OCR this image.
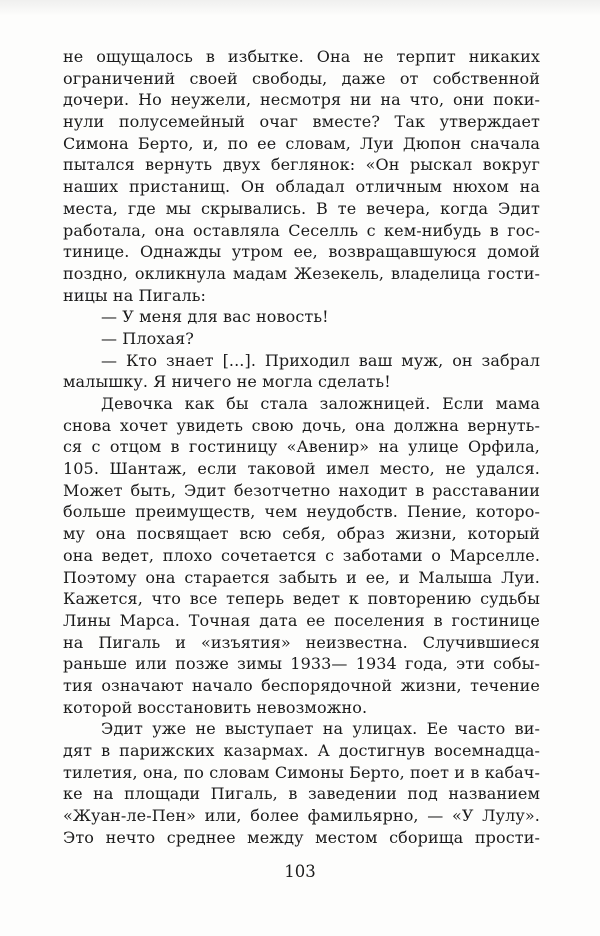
не ощущалось в избытке. Она не терпит никаких
ограничений своей свободы, даже от собственной
дочери. Но неужели, несмотря ни на что, они поки-
нули полусемейный очаг вместе? Так утверждает
Симона Берто, и, по ее словам, Луи Дюпон сначала
пытался вернуть двух беглянок: «Он рыскал вокруг
наших пристанищ. Он обладал отличным нюхом на
места, где мы скрывались. В те вечера, когда Эдит
работала, она оставляла Сеселль с кем-нибудь в гос-
тинице. Однажды утром ее, возвращавшуюся домой
поздно, окликнула мадам Жезекель, владелица гости-
ницы на Пигаль:
— У меня для вас новость!
— Плохая?
— Кто знает [...]. Приходил ваш муж, он забрал
малышку. Я ничего не могла сделать!
Девочка как бы стала заложницей. Если мама
снова хочет увидеть свою дочь, она должна вернуть-
ся с отцом в гостиницу «Авенир» на улице Орфила,
105. Шантаж, если таковой имел место, не удался.
Может быть, Эдит безотчетно находит в расставании
больше преимуществ, чем неудобств. Пение, которо-
му она посвящает всю себя, образ жизни, который
она ведет, плохо сочетается с заботами о Марселле.
Поэтому она старается забыть и ее, и Малыша Луи.
Кажется, что все теперь ведет к повторению судьбы
Лины Марса. Точная дата ее поселения в гостинице
на Пигаль и «изъятия» неизвестна. Случившиеся
раньше или позже зимы 1933— 1934 года, эти собы-
тия означают начало беспорядочной жизни, течение
которой восстановить невозможно.
Эдит уже не выступает на улицах. Ее часто ви-
дят в парижских казармах. А достигнув восемнадца-
тилетия, она, по словам Симоны Берто, поет и в кабач-
ке на площади Пигаль, в заведении под названием
«Жуан-ле-Пен» или, более фамильярно, — «У Лулу».
Это нечто среднее между местом сборища прости-
103
